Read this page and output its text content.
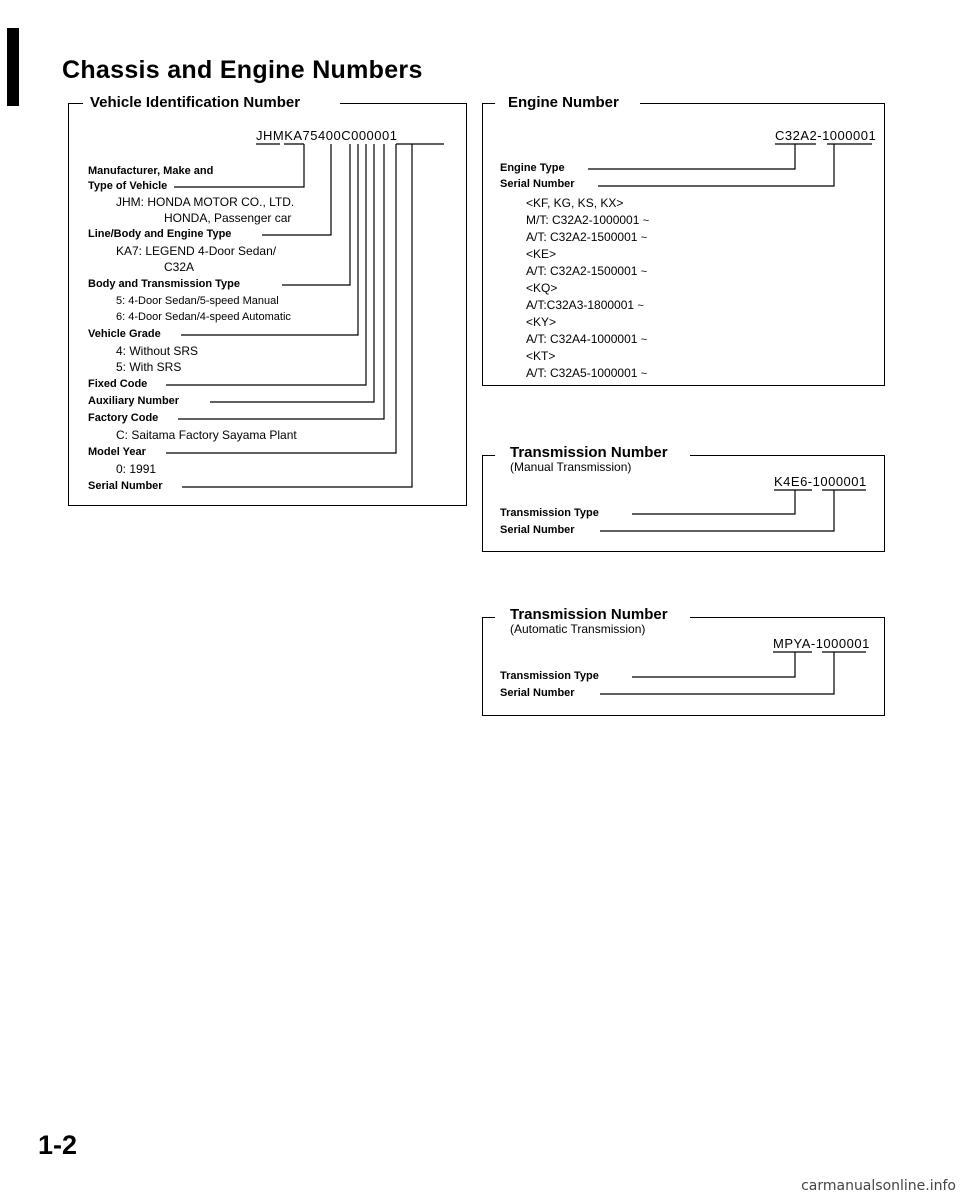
Chassis and Engine Numbers
Vehicle Identification Number
JHMKA75400C000001
Manufacturer, Make and
Type of Vehicle
JHM: HONDA MOTOR CO., LTD.
HONDA, Passenger car
Line/Body and Engine Type
KA7: LEGEND 4-Door Sedan/
C32A
Body and Transmission Type
5: 4-Door Sedan/5-speed Manual
6: 4-Door Sedan/4-speed Automatic
Vehicle Grade
4: Without SRS
5: With SRS
Fixed Code
Auxiliary Number
Factory Code
C: Saitama Factory Sayama Plant
Model Year
0: 1991
Serial Number
Engine Number
C32A2-1000001
Engine Type
Serial Number
<KF, KG, KS, KX>
M/T: C32A2-1000001 ~
A/T: C32A2-1500001 ~
<KE>
A/T: C32A2-1500001 ~
<KQ>
A/T:C32A3-1800001 ~
<KY>
A/T: C32A4-1000001 ~
<KT>
A/T: C32A5-1000001 ~
Transmission Number
(Manual Transmission)
K4E6-1000001
Transmission Type
Serial Number
Transmission Number
(Automatic Transmission)
MPYA-1000001
Transmission Type
Serial Number
1-2
carmanualsonline.info
